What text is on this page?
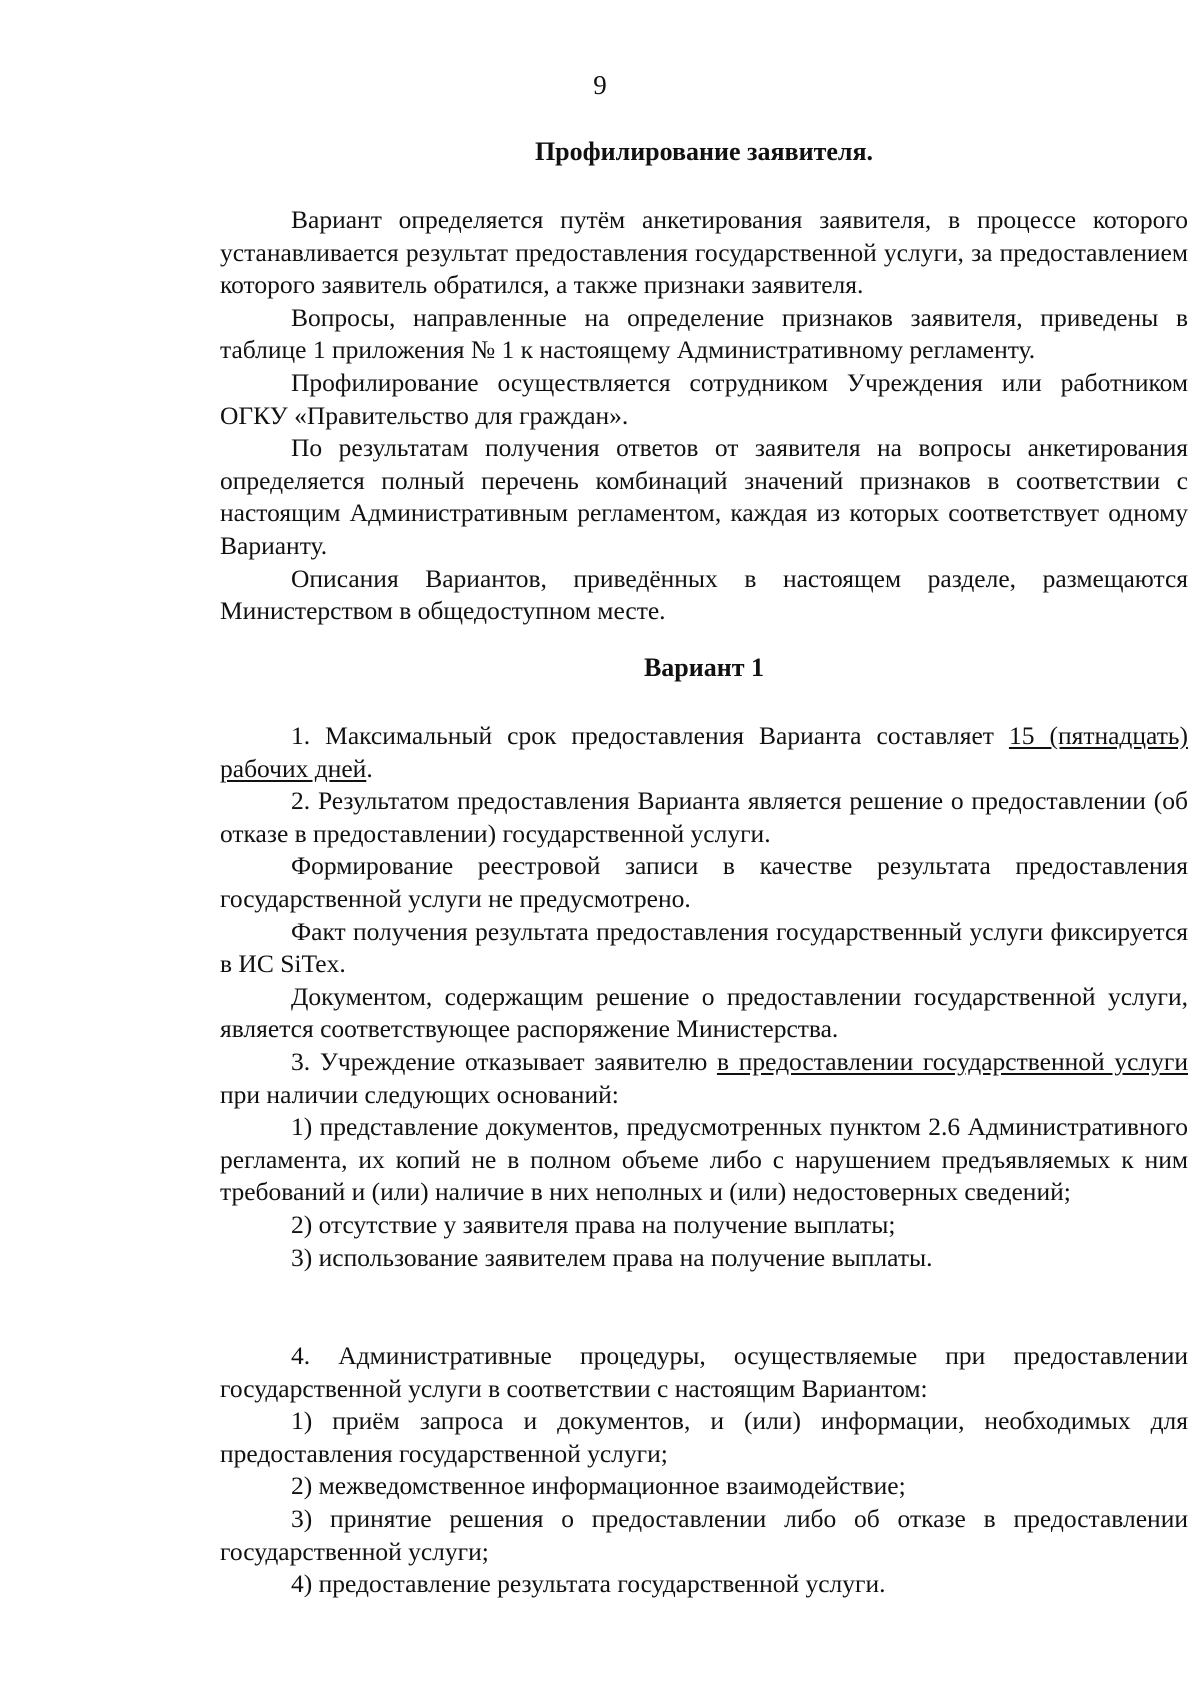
9
Профилирование заявителя.

Вариант определяется путём анкетирования заявителя, в процессе которого устанавливается результат предоставления государственной услуги, за предоставлением которого заявитель обратился, а также признаки заявителя.

Вопросы, направленные на определение признаков заявителя, приведены в таблице 1 приложения № 1 к настоящему Административному регламенту.

Профилирование осуществляется сотрудником Учреждения или работником ОГКУ «Правительство для граждан».

По результатам получения ответов от заявителя на вопросы анкетирования определяется полный перечень комбинаций значений признаков в соответствии с настоящим Административным регламентом, каждая из которых соответствует одному Варианту.

Описания Вариантов, приведённых в настоящем разделе, размещаются Министерством в общедоступном месте.

Вариант 1

1. Максимальный срок предоставления Варианта составляет 15 (пятнадцать) рабочих дней.

2. Результатом предоставления Варианта является решение о предоставлении (об отказе в предоставлении) государственной услуги.

Формирование реестровой записи в качестве результата предоставления государственной услуги не предусмотрено.

Факт получения результата предоставления государственный услуги фиксируется в ИС SiTex.

Документом, содержащим решение о предоставлении государственной услуги, является соответствующее распоряжение Министерства.

3. Учреждение отказывает заявителю в предоставлении государственной услуги при наличии следующих оснований:

1) представление документов, предусмотренных пунктом 2.6 Административного регламента, их копий не в полном объеме либо с нарушением предъявляемых к ним требований и (или) наличие в них неполных и (или) недостоверных сведений;

2) отсутствие у заявителя права на получение выплаты;

3) использование заявителем права на получение выплаты.

4. Административные процедуры, осуществляемые при предоставлении государственной услуги в соответствии с настоящим Вариантом:

1) приём запроса и документов, и (или) информации, необходимых для предоставления государственной услуги;

2) межведомственное информационное взаимодействие;

3) принятие решения о предоставлении либо об отказе в предоставлении государственной услуги;

4) предоставление результата государственной услуги.
